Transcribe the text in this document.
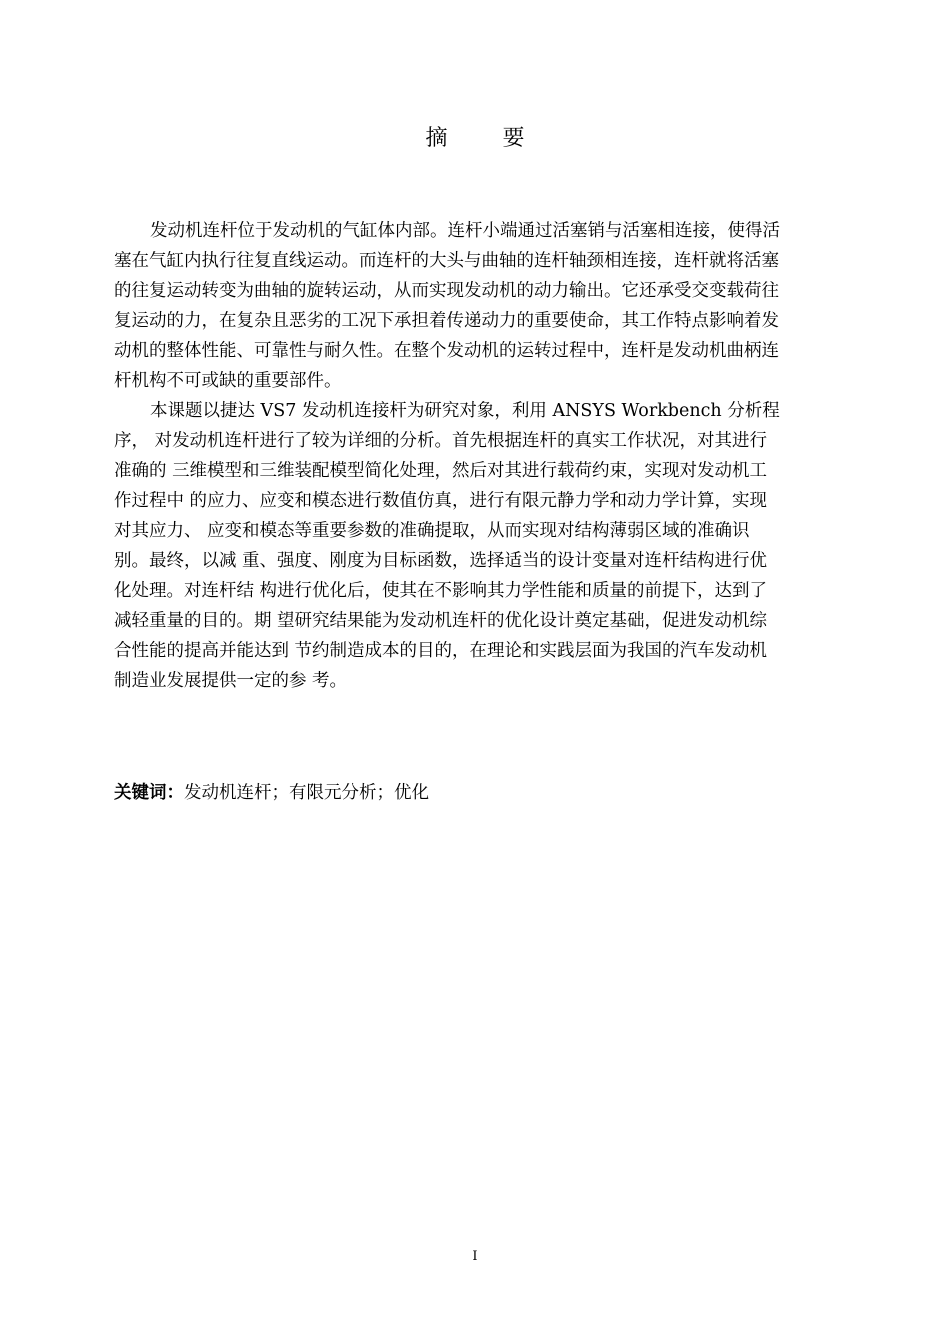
摘 要

发动机连杆位于发动机的气缸体内部。连杆小端通过活塞销与活塞相连接，使得活
塞在气缸内执行往复直线运动。而连杆的大头与曲轴的连杆轴颈相连接，连杆就将活塞
的往复运动转变为曲轴的旋转运动，从而实现发动机的动力输出。它还承受交变载荷往
复运动的力，在复杂且恶劣的工况下承担着传递动力的重要使命，其工作特点影响着发
动机的整体性能、可靠性与耐久性。在整个发动机的运转过程中，连杆是发动机曲柄连
杆机构不可或缺的重要部件。

本课题以捷达 VS7 发动机连接杆为研究对象，利用 ANSYS Workbench 分析程
序， 对发动机连杆进行了较为详细的分析。首先根据连杆的真实工作状况，对其进行
准确的 三维模型和三维装配模型简化处理，然后对其进行载荷约束，实现对发动机工
作过程中 的应力、应变和模态进行数值仿真，进行有限元静力学和动力学计算，实现
对其应力、 应变和模态等重要参数的准确提取，从而实现对结构薄弱区域的准确识
别。最终，以减 重、强度、刚度为目标函数，选择适当的设计变量对连杆结构进行优
化处理。对连杆结 构进行优化后，使其在不影响其力学性能和质量的前提下，达到了
减轻重量的目的。期 望研究结果能为发动机连杆的优化设计奠定基础，促进发动机综
合性能的提高并能达到 节约制造成本的目的，在理论和实践层面为我国的汽车发动机
制造业发展提供一定的参 考。

关键词：发动机连杆；有限元分析；优化
I
